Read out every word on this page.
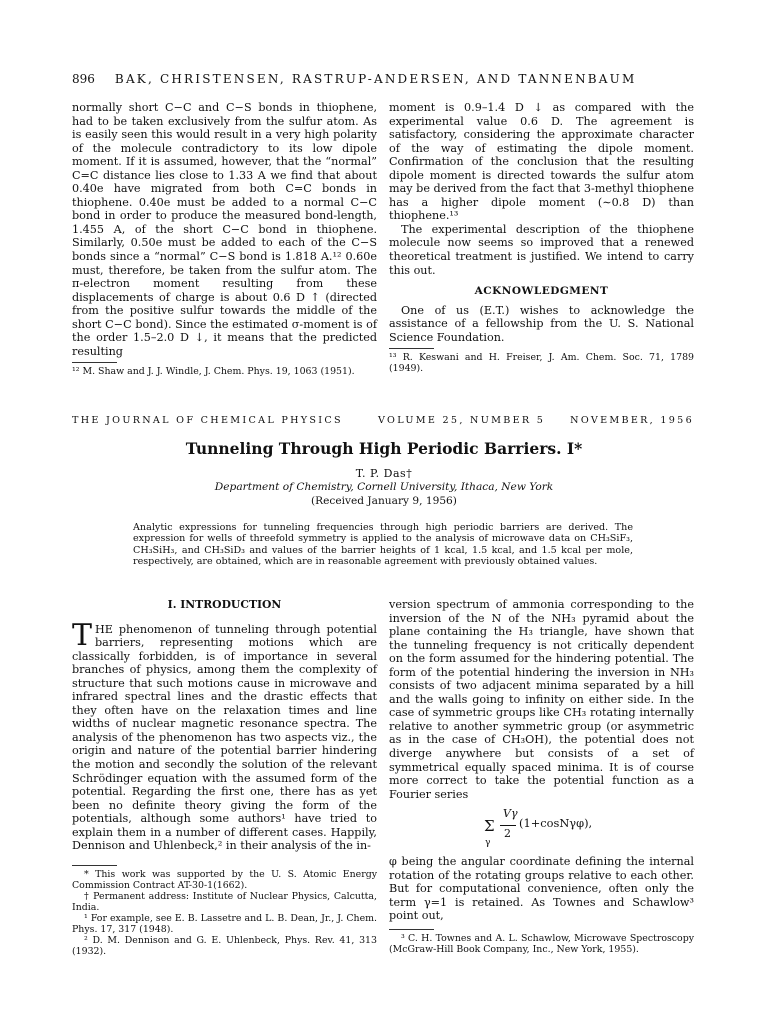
896 BAK, CHRISTENSEN, RASTRUP-ANDERSEN, AND TANNENBAUM

normally short C−C and C−S bonds in thiophene, had to be taken exclusively from the sulfur atom. As is easily seen this would result in a very high polarity of the molecule contradictory to its low dipole moment. If it is assumed, however, that the “normal” C=C distance lies close to 1.33 A we find that about 0.40e have migrated from both C=C bonds in thiophene. 0.40e must be added to a normal C−C bond in order to produce the measured bond-length, 1.455 A, of the short C−C bond in thiophene. Similarly, 0.50e must be added to each of the C−S bonds since a “normal” C−S bond is 1.818 A.¹² 0.60e must, therefore, be taken from the sulfur atom. The π-electron moment resulting from these displacements of charge is about 0.6 D ↑ (directed from the positive sulfur towards the middle of the short C−C bond). Since the estimated σ-moment is of the order 1.5–2.0 D ↓, it means that the predicted resulting

¹² M. Shaw and J. J. Windle, J. Chem. Phys. 19, 1063 (1951).

moment is 0.9–1.4 D ↓ as compared with the experimental value 0.6 D. The agreement is satisfactory, considering the approximate character of the way of estimating the dipole moment. Confirmation of the conclusion that the resulting dipole moment is directed towards the sulfur atom may be derived from the fact that 3-methyl thiophene has a higher dipole moment (∼0.8 D) than thiophene.¹³

The experimental description of the thiophene molecule now seems so improved that a renewed theoretical treatment is justified. We intend to carry this out.

ACKNOWLEDGMENT

One of us (E.T.) wishes to acknowledge the assistance of a fellowship from the U. S. National Science Foundation.

¹³ R. Keswani and H. Freiser, J. Am. Chem. Soc. 71, 1789 (1949).

THE JOURNAL OF CHEMICAL PHYSICS	VOLUME 25, NUMBER 5	NOVEMBER, 1956
Tunneling Through High Periodic Barriers. I*
T. P. Das†
Department of Chemistry, Cornell University, Ithaca, New York
(Received January 9, 1956)
Analytic expressions for tunneling frequencies through high periodic barriers are derived. The expression for wells of threefold symmetry is applied to the analysis of microwave data on CH₃SiF₃, CH₃SiH₃, and CH₃SiD₃ and values of the barrier heights of 1 kcal, 1.5 kcal, and 1.5 kcal per mole, respectively, are obtained, which are in reasonable agreement with previously obtained values.
I. INTRODUCTION

THE phenomenon of tunneling through potential barriers, representing motions which are classically forbidden, is of importance in several branches of physics, among them the complexity of structure that such motions cause in microwave and infrared spectral lines and the drastic effects that they often have on the relaxation times and line widths of nuclear magnetic resonance spectra. The analysis of the phenomenon has two aspects viz., the origin and nature of the potential barrier hindering the motion and secondly the solution of the relevant Schrödinger equation with the assumed form of the potential. Regarding the first one, there has as yet been no definite theory giving the form of the potentials, although some authors¹ have tried to explain them in a number of different cases. Happily, Dennison and Uhlenbeck,² in their analysis of the in-

* This work was supported by the U. S. Atomic Energy Commission Contract AT-30-1(1662).

† Permanent address: Institute of Nuclear Physics, Calcutta, India.

¹ For example, see E. B. Lassetre and L. B. Dean, Jr., J. Chem. Phys. 17, 317 (1948).

² D. M. Dennison and G. E. Uhlenbeck, Phys. Rev. 41, 313 (1932).

version spectrum of ammonia corresponding to the inversion of the N of the NH₃ pyramid about the plane containing the H₃ triangle, have shown that the tunneling frequency is not critically dependent on the form assumed for the hindering potential. The form of the potential hindering the inversion in NH₃ consists of two adjacent minima separated by a hill and the walls going to infinity on either side. In the case of symmetric groups like CH₃ rotating internally relative to another symmetric group (or asymmetric as in the case of CH₃OH), the potential does not diverge anywhere but consists of a set of symmetrical equally spaced minima. It is of course more correct to take the potential function as a Fourier series

Vγ
Σ 2
γ
(1+cosNγφ),

φ being the angular coordinate defining the internal rotation of the rotating groups relative to each other. But for computational convenience, often only the term γ=1 is retained. As Townes and Schawlow³ point out,

³ C. H. Townes and A. L. Schawlow, Microwave Spectroscopy (McGraw-Hill Book Company, Inc., New York, 1955).
